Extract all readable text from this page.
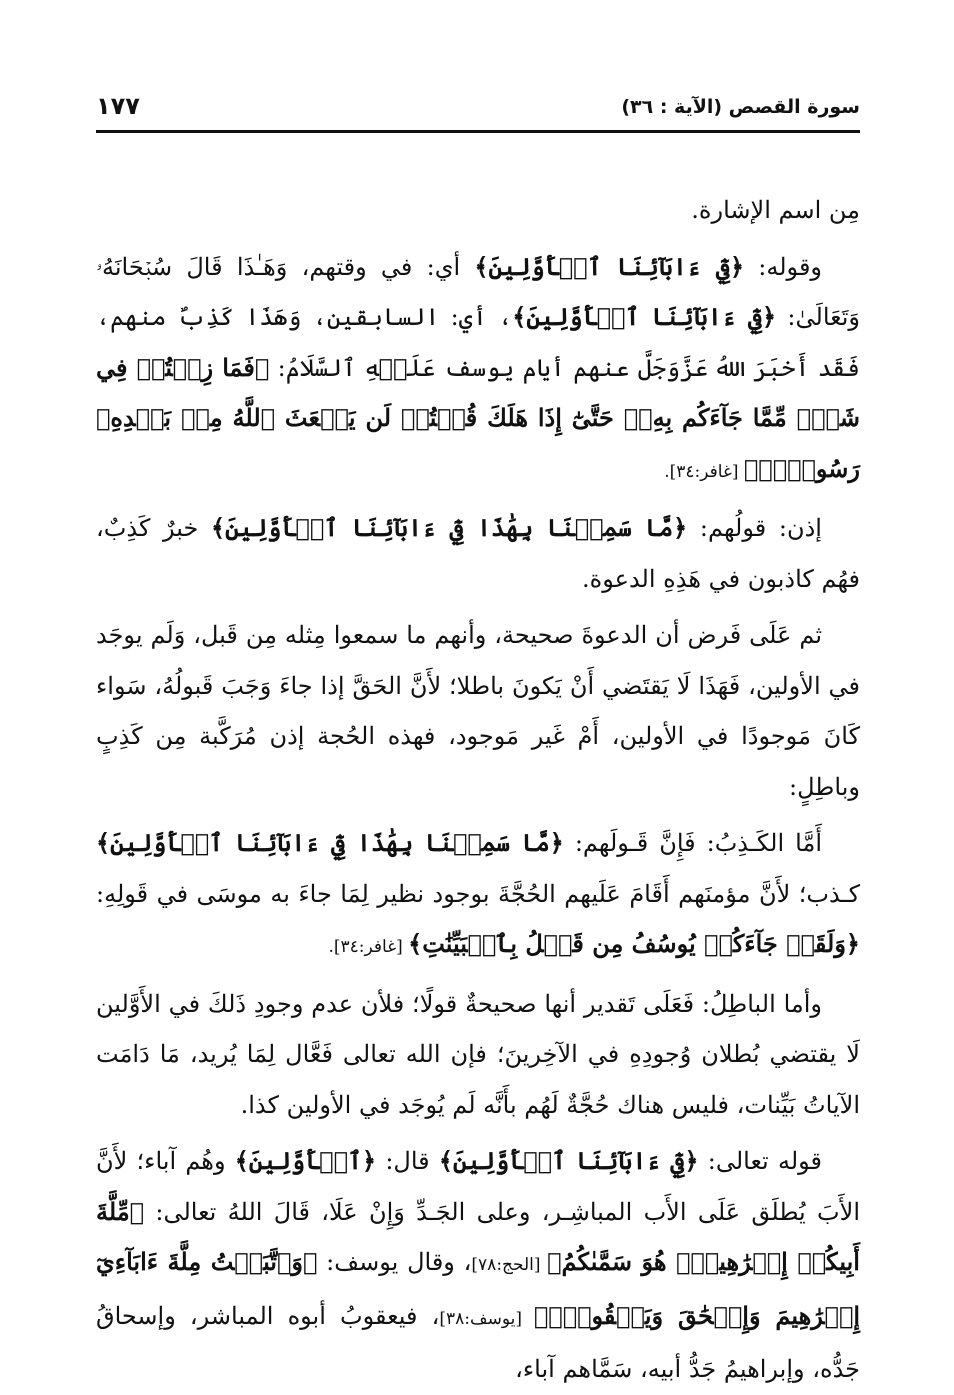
سورة القصص (الآية : ٣٦)
١٧٧

مِن اسم الإشارة.

وقوله: ﴿فِيٓ ءَابَآئِنَا ٱلۡأَوَّلِينَ﴾ أي: في وقتهم، وَهَـٰذَا قَالَ سُبۡحَانَهُۥ وَتَعَالَىٰ: ﴿فِيٓ ءَابَآئِنَا ٱلۡأَوَّلِينَ﴾، أي: السابقين، وَهَذَا كَذِبٌ منهم، فَقَد أَخبَرَ اللهُ عَزَّوَجَلَّ عنهم أيام يوسف عَلَيۡهِ ٱلسَّلَامُ: ﴿فَمَا زِلۡتُمۡ فِي شَكّٖ مِّمَّا جَآءَكُم بِهِۦۖ حَتَّىٰٓ إِذَا هَلَكَ قُلۡتُمۡ لَن يَبۡعَثَ ٱللَّهُ مِنۢ بَعۡدِهِۦ رَسُولٗاۚ﴾ [غافر:٣٤].

إذن: قولُهم: ﴿مَّا سَمِعۡنَا بِهَٰذَا فِيٓ ءَابَآئِنَا ٱلۡأَوَّلِينَ﴾ خبرٌ كَذِبٌ، فهُم كاذبون في هَذِهِ الدعوة.

ثم عَلَى فَرض أن الدعوةَ صحيحة، وأنهم ما سمعوا مِثله مِن قَبل، وَلَم يوجَد في الأولين، فَهَذَا لَا يَقتَضي أَنْ يَكونَ باطلا؛ لأَنَّ الحَقَّ إذا جاءَ وَجَبَ قَبولُهُ، سَواء كَانَ مَوجودًا في الأولين، أَمْ غَير مَوجود، فهذه الحُجة إذن مُرَكَّبة مِن كَذِبٍ وباطِلٍ:

أَمَّا الكَـذِبُ: فَإِنَّ قَـولَهم: ﴿مَّا سَمِعۡنَا بِهَٰذَا فِيٓ ءَابَآئِنَا ٱلۡأَوَّلِينَ﴾ كـذب؛ لأَنَّ مؤمنَهم أَقَامَ عَلَيهم الحُجَّةَ بوجود نظير لِمَا جاءَ به موسَى في قَولِهِ: ﴿وَلَقَدۡ جَآءَكُمۡ يُوسُفُ مِن قَبۡلُ بِٱلۡبَيِّنَٰتِ﴾ [غافر:٣٤].

وأما الباطِلُ: فَعَلَى تَقدير أنها صحيحةٌ قولًا؛ فلأن عدم وجودِ ذَلكَ في الأَوَّلين لَا يقتضي بُطلان وُجودِهِ في الآخِرينَ؛ فإن الله تعالى فَعَّال لِمَا يُريد، مَا دَامَت الآياتُ بَيِّنات، فليس هناك حُجَّةٌ لَهُم بأَنَّه لَم يُوجَد في الأولين كذا.

قوله تعالى: ﴿فِيٓ ءَابَآئِنَا ٱلۡأَوَّلِينَ﴾ قال: ﴿ٱلۡأَوَّلِينَ﴾ وهُم آباء؛ لأَنَّ الأَبَ يُطلَق عَلَى الأَب المباشِـر، وعلى الجَـدِّ وَإِنْ عَلَا، قَالَ اللهُ تعالى: ﴿مِّلَّةَ أَبِيكُمۡ إِبۡرَٰهِيمَۚ هُوَ سَمَّىٰكُمُ﴾ [الحج:٧٨]، وقال يوسف: ﴿وَٱتَّبَعۡتُ مِلَّةَ ءَابَآءِيٓ إِبۡرَٰهِيمَ وَإِسۡحَٰقَ وَيَعۡقُوبَۚ﴾ [يوسف:٣٨]، فيعقوبُ أبوه المباشر، وإسحاقُ جَدُّه، وإبراهيمُ جَدُّ أبيه، سَمَّاهم آباء،
